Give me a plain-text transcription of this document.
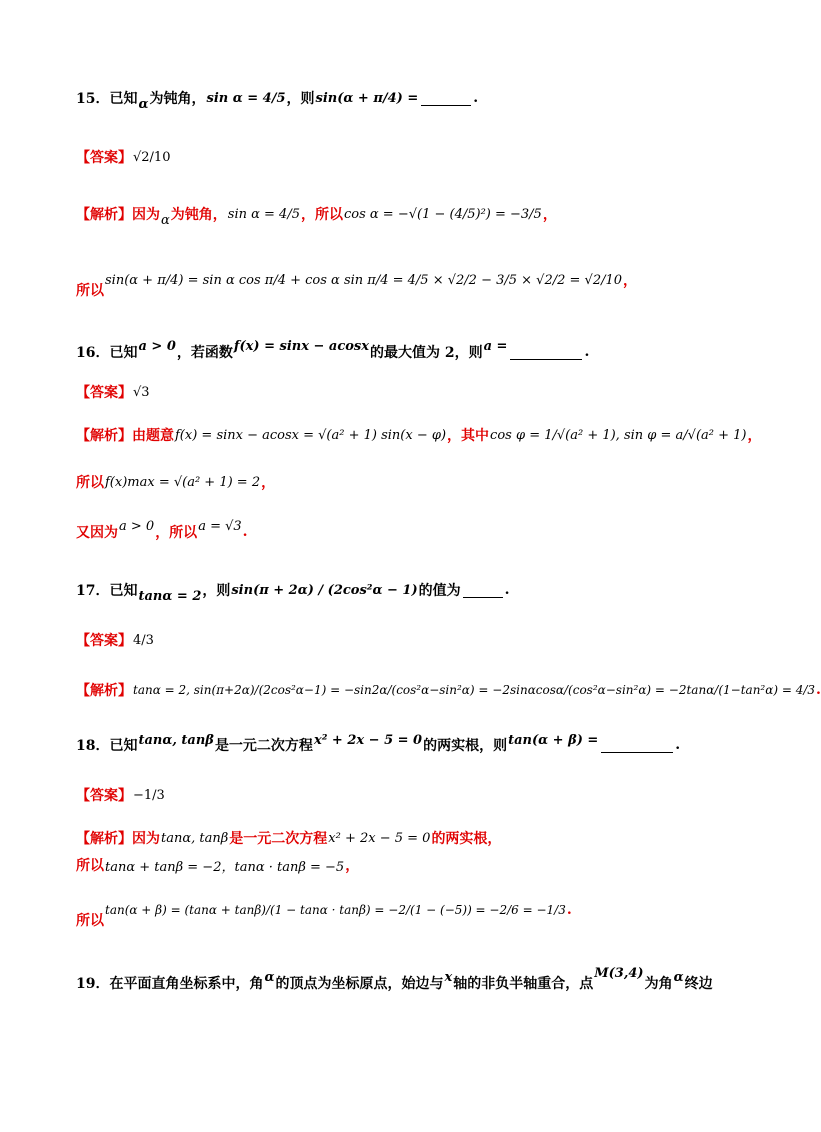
15． 已知 α 为钝角， sin α = 4/5 ，则 sin(α + π/4) =	.
【答案】 √2/10
【解析】 因为 α 为钝角， sin α = 4/5 ，所以 cos α = −√(1 − (4/5)²) = −3/5 ，
所以
sin(α + π/4) = sin α cos π/4 + cos α sin π/4 = 4/5 × √2/2 − 3/5 × √2/2 = √2/10 ，
16． 已知 a > 0 ，若函数 f(x) = sinx − acosx 的最大值为 2，则 a =	.
【答案】 √3
【解析】 由题意 f(x) = sinx − acosx = √(a² + 1) sin(x − φ) ，其中 cos φ = 1/√(a² + 1), sin φ = a/√(a² + 1) ，
所以 f(x)max = √(a² + 1) = 2 ，
又因为 a > 0 ，所以 a = √3 .
17． 已知 tanα = 2 ，则 sin(π + 2α) / (2cos²α − 1) 的值为	.
【答案】 4/3
【解析】 tanα = 2, sin(π+2α)/(2cos²α−1) = −sin2α/(cos²α−sin²α) = −2sinαcosα/(cos²α−sin²α) = −2tanα/(1−tan²α) = 4/3 .
18． 已知 tanα, tanβ 是一元二次方程 x² + 2x − 5 = 0 的两实根，则 tan(α + β) =	.
【答案】 −1/3
【解析】 因为 tanα, tanβ 是一元二次方程 x² + 2x − 5 = 0 的两实根，
所以 tanα + tanβ = −2，tanα · tanβ = −5 ，
所以
tan(α + β) = (tanα + tanβ)/(1 − tanα · tanβ) = −2/(1 − (−5)) = −2/6 = −1/3 .
19． 在平面直角坐标系中，角 α 的顶点为坐标原点，始边与 x 轴的非负半轴重合，点
M(3,4)
为角 α 终边
